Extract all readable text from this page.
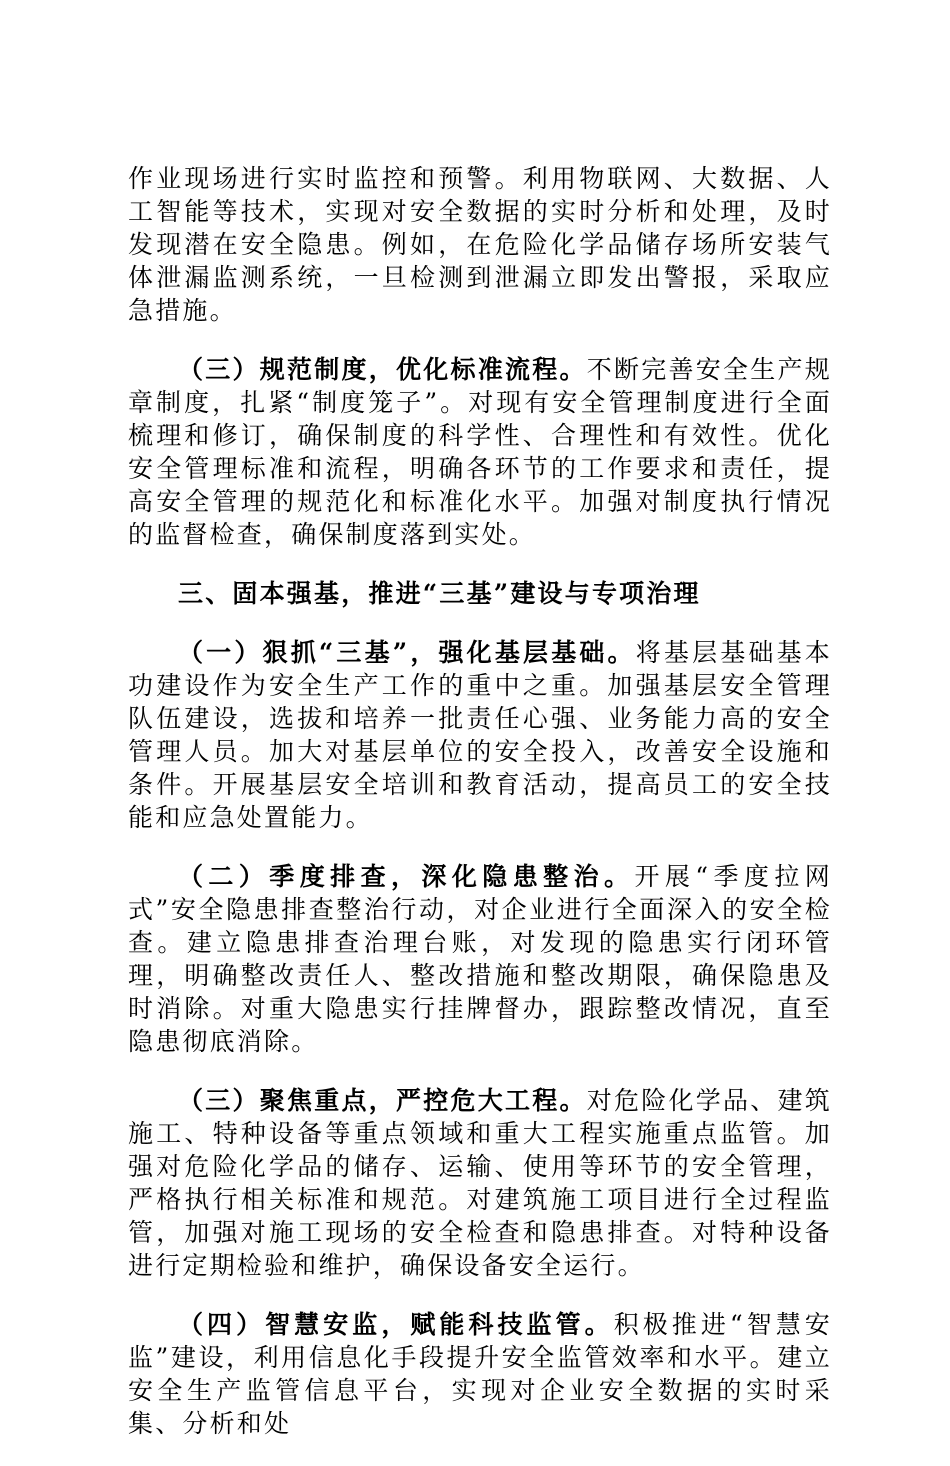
作业现场进行实时监控和预警。利用物联网、大数据、人工智能等技术，实现对安全数据的实时分析和处理，及时发现潜在安全隐患。例如，在危险化学品储存场所安装气体泄漏监测系统，一旦检测到泄漏立即发出警报，采取应急措施。

（三）规范制度，优化标准流程。不断完善安全生产规章制度，扎紧“制度笼子”。对现有安全管理制度进行全面梳理和修订，确保制度的科学性、合理性和有效性。优化安全管理标准和流程，明确各环节的工作要求和责任，提高安全管理的规范化和标准化水平。加强对制度执行情况的监督检查，确保制度落到实处。

三、固本强基，推进“三基”建设与专项治理

（一）狠抓“三基”，强化基层基础。将基层基础基本功建设作为安全生产工作的重中之重。加强基层安全管理队伍建设，选拔和培养一批责任心强、业务能力高的安全管理人员。加大对基层单位的安全投入，改善安全设施和条件。开展基层安全培训和教育活动，提高员工的安全技能和应急处置能力。

（二）季度排查，深化隐患整治。开展“季度拉网式”安全隐患排查整治行动，对企业进行全面深入的安全检查。建立隐患排查治理台账，对发现的隐患实行闭环管理，明确整改责任人、整改措施和整改期限，确保隐患及时消除。对重大隐患实行挂牌督办，跟踪整改情况，直至隐患彻底消除。

（三）聚焦重点，严控危大工程。对危险化学品、建筑施工、特种设备等重点领域和重大工程实施重点监管。加强对危险化学品的储存、运输、使用等环节的安全管理，严格执行相关标准和规范。对建筑施工项目进行全过程监管，加强对施工现场的安全检查和隐患排查。对特种设备进行定期检验和维护，确保设备安全运行。

（四）智慧安监，赋能科技监管。积极推进“智慧安监”建设，利用信息化手段提升安全监管效率和水平。建立安全生产监管信息平台，实现对企业安全数据的实时采集、分析和处
